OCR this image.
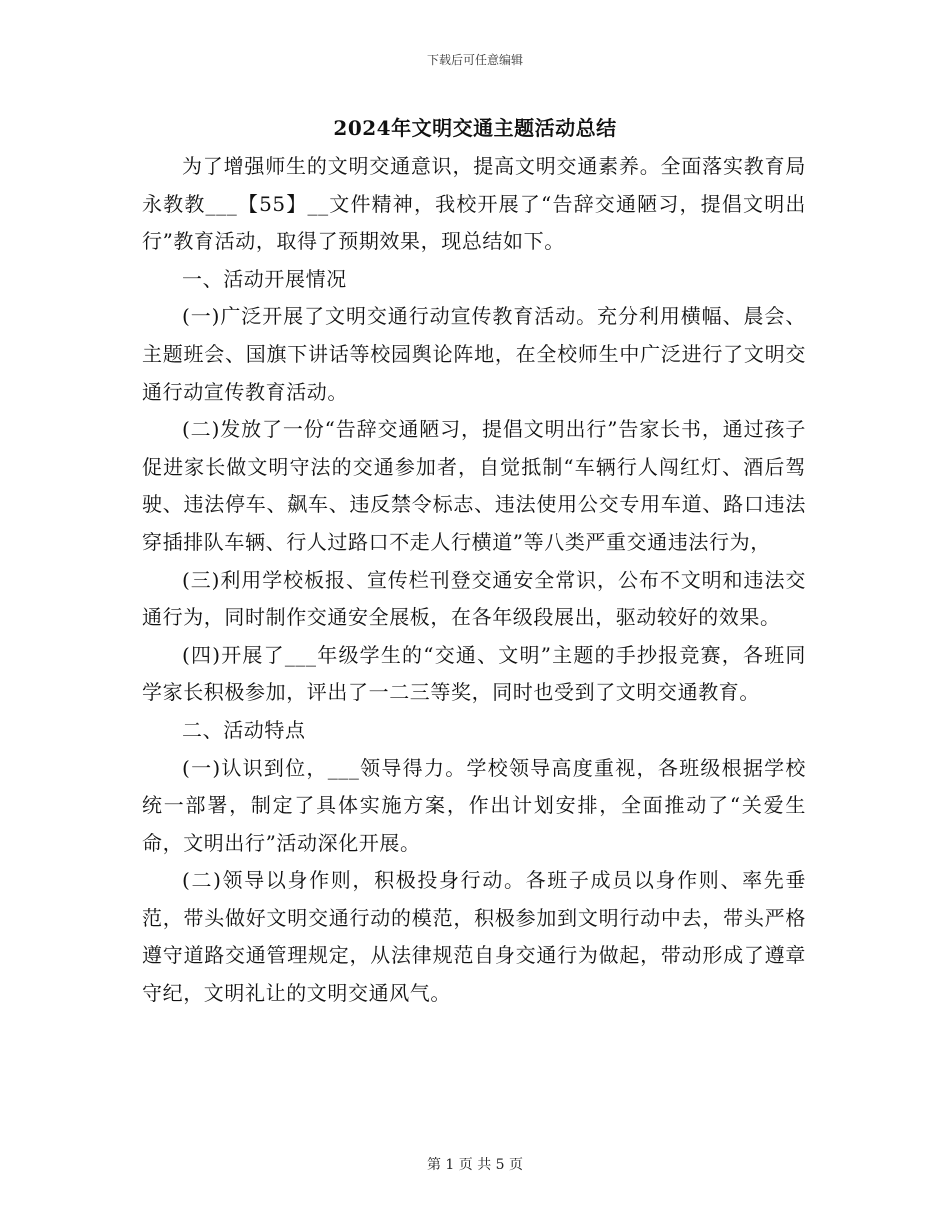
下载后可任意编辑
2024年文明交通主题活动总结

为了增强师生的文明交通意识，提高文明交通素养。全面落实教育局永教教___【55】__文件精神，我校开展了“告辞交通陋习，提倡文明出行”教育活动，取得了预期效果，现总结如下。

一、活动开展情况

(一)广泛开展了文明交通行动宣传教育活动。充分利用横幅、晨会、主题班会、国旗下讲话等校园舆论阵地，在全校师生中广泛进行了文明交通行动宣传教育活动。

(二)发放了一份“告辞交通陋习，提倡文明出行”告家长书，通过孩子促进家长做文明守法的交通参加者，自觉抵制“车辆行人闯红灯、酒后驾驶、违法停车、飙车、违反禁令标志、违法使用公交专用车道、路口违法穿插排队车辆、行人过路口不走人行横道”等八类严重交通违法行为，

(三)利用学校板报、宣传栏刊登交通安全常识，公布不文明和违法交通行为，同时制作交通安全展板，在各年级段展出，驱动较好的效果。

(四)开展了___年级学生的“交通、文明”主题的手抄报竞赛，各班同学家长积极参加，评出了一二三等奖，同时也受到了文明交通教育。

二、活动特点

(一)认识到位，___领导得力。学校领导高度重视，各班级根据学校统一部署，制定了具体实施方案，作出计划安排，全面推动了“关爱生命，文明出行”活动深化开展。

(二)领导以身作则，积极投身行动。各班子成员以身作则、率先垂范，带头做好文明交通行动的模范，积极参加到文明行动中去，带头严格遵守道路交通管理规定，从法律规范自身交通行为做起，带动形成了遵章守纪，文明礼让的文明交通风气。

第 1 页 共 5 页
